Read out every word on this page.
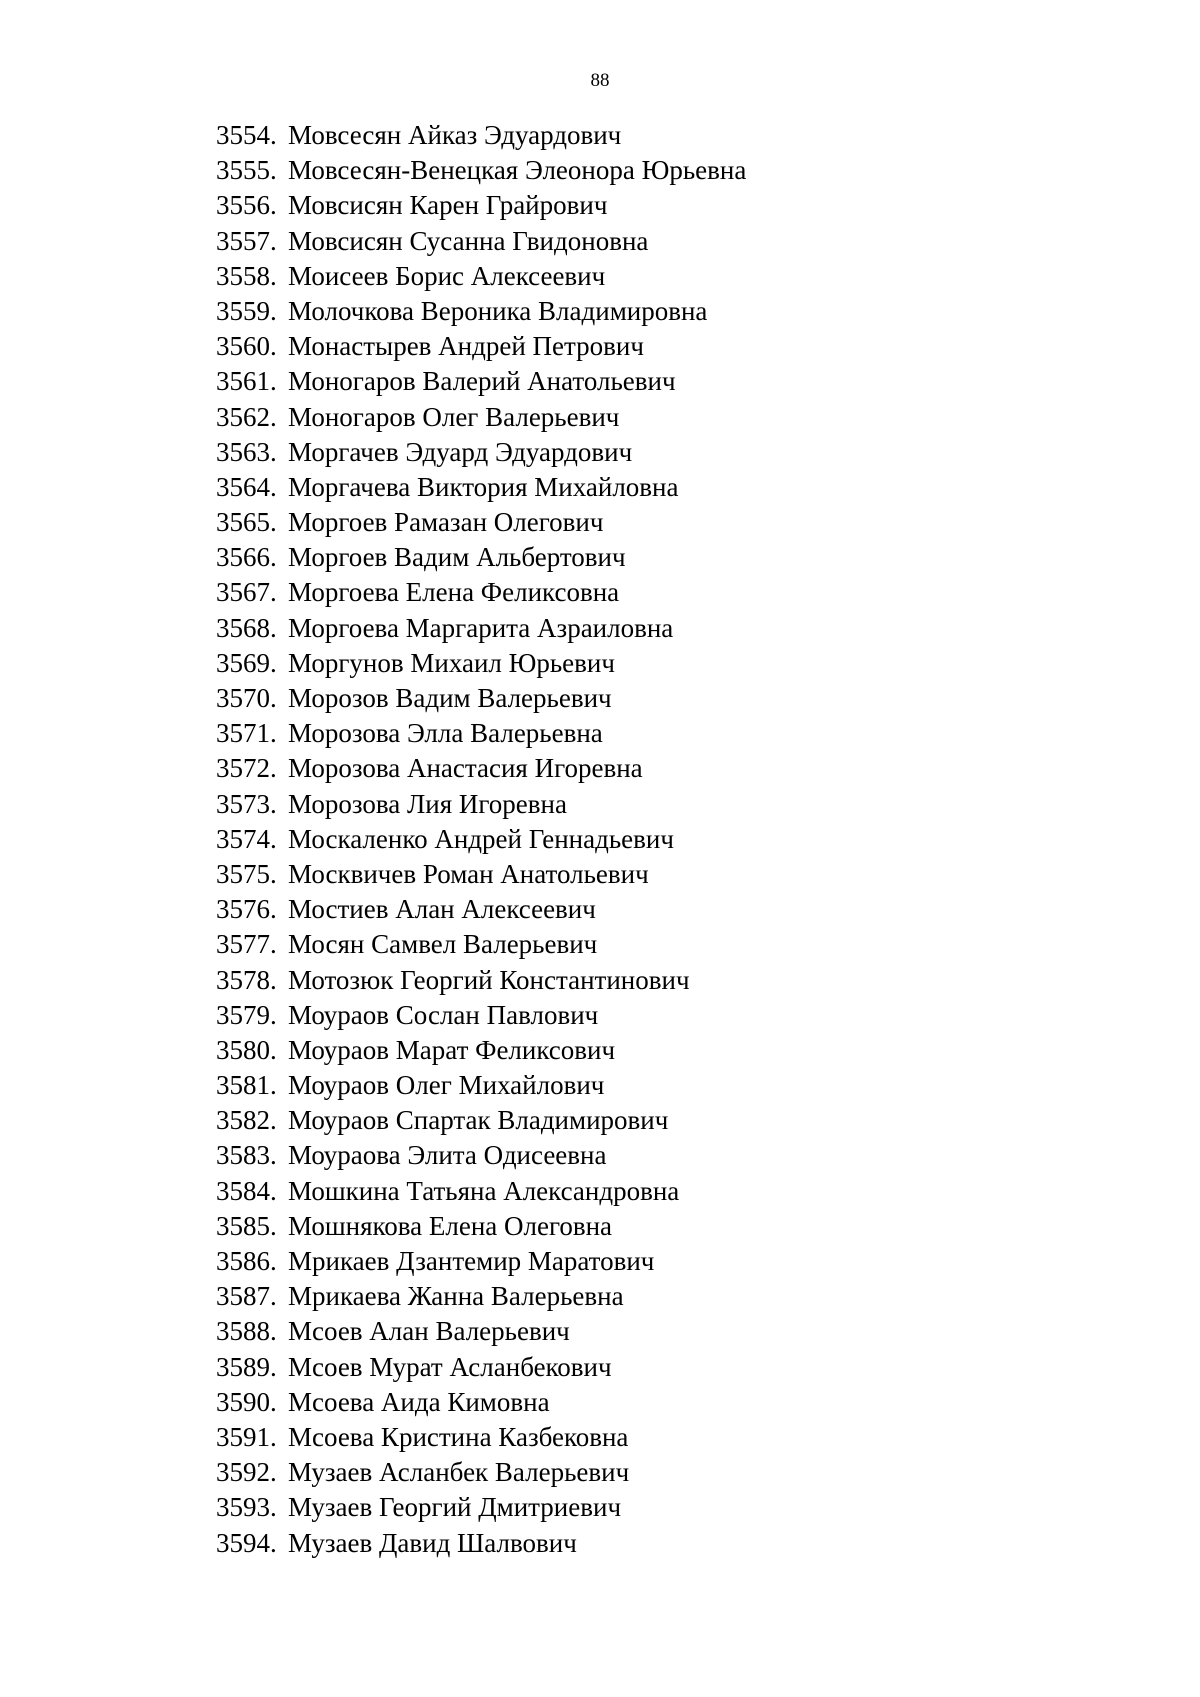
88
3554. Мовсесян Айказ Эдуардович
3555. Мовсесян-Венецкая Элеонора Юрьевна
3556. Мовсисян Карен Грайрович
3557. Мовсисян Сусанна Гвидоновна
3558. Моисеев Борис Алексеевич
3559. Молочкова Вероника Владимировна
3560. Монастырев Андрей Петрович
3561. Моногаров Валерий Анатольевич
3562. Моногаров Олег Валерьевич
3563. Моргачев Эдуард Эдуардович
3564. Моргачева Виктория Михайловна
3565. Моргоев Рамазан Олегович
3566. Моргоев Вадим Альбертович
3567. Моргоева Елена Феликсовна
3568. Моргоева Маргарита Азраиловна
3569. Моргунов Михаил Юрьевич
3570. Морозов Вадим Валерьевич
3571. Морозова Элла Валерьевна
3572. Морозова Анастасия Игоревна
3573. Морозова Лия Игоревна
3574. Москаленко Андрей Геннадьевич
3575. Москвичев Роман Анатольевич
3576. Мостиев Алан Алексеевич
3577. Мосян Самвел Валерьевич
3578. Мотозюк Георгий Константинович
3579. Моураов Сослан Павлович
3580. Моураов Марат Феликсович
3581. Моураов Олег Михайлович
3582. Моураов Спартак Владимирович
3583. Моураова Элита Одисеевна
3584. Мошкина Татьяна Александровна
3585. Мошнякова Елена Олеговна
3586. Мрикаев Дзантемир Маратович
3587. Мрикаева Жанна Валерьевна
3588. Мсоев Алан Валерьевич
3589. Мсоев Мурат Асланбекович
3590. Мсоева Аида Кимовна
3591. Мсоева Кристина Казбековна
3592. Музаев Асланбек Валерьевич
3593. Музаев Георгий Дмитриевич
3594. Музаев Давид Шалвович
